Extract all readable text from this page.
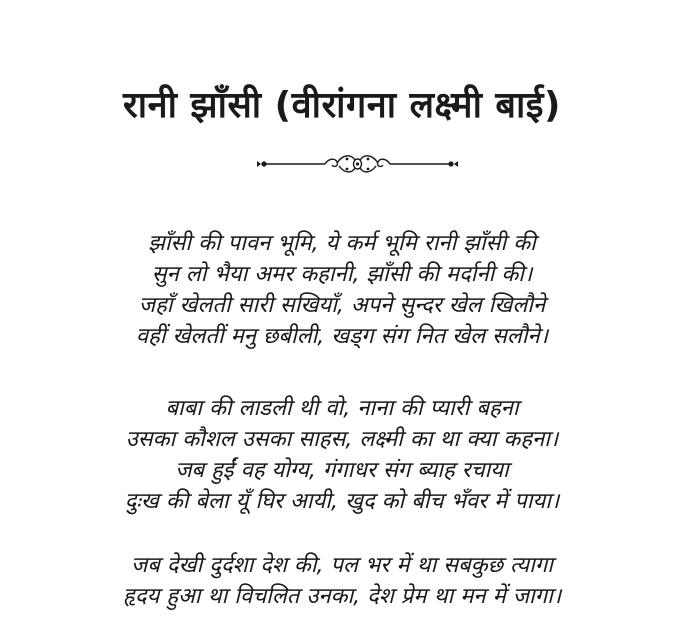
रानी झाँसी (वीरांगना लक्ष्मी बाई)
झाँसी की पावन भूमि, ये कर्म भूमि रानी झाँसी की
सुन लो भैया अमर कहानी, झाँसी की मर्दानी की।
जहाँ खेलती सारी सखियाँ, अपने सुन्दर खेल खिलौने
वहीं खेलतीं मनु छबीली, खड्ग संग नित खेल सलौने।
बाबा की लाडली थी वो, नाना की प्यारी बहना
उसका कौशल उसका साहस, लक्ष्मी का था क्या कहना।
जब हुईं वह योग्य, गंगाधर संग ब्याह रचाया
दुःख की बेला यूँ घिर आयी, खुद को बीच भँवर में पाया।
जब देखी दुर्दशा देश की, पल भर में था सबकुछ त्यागा
हृदय हुआ था विचलित उनका, देश प्रेम था मन में जागा।
